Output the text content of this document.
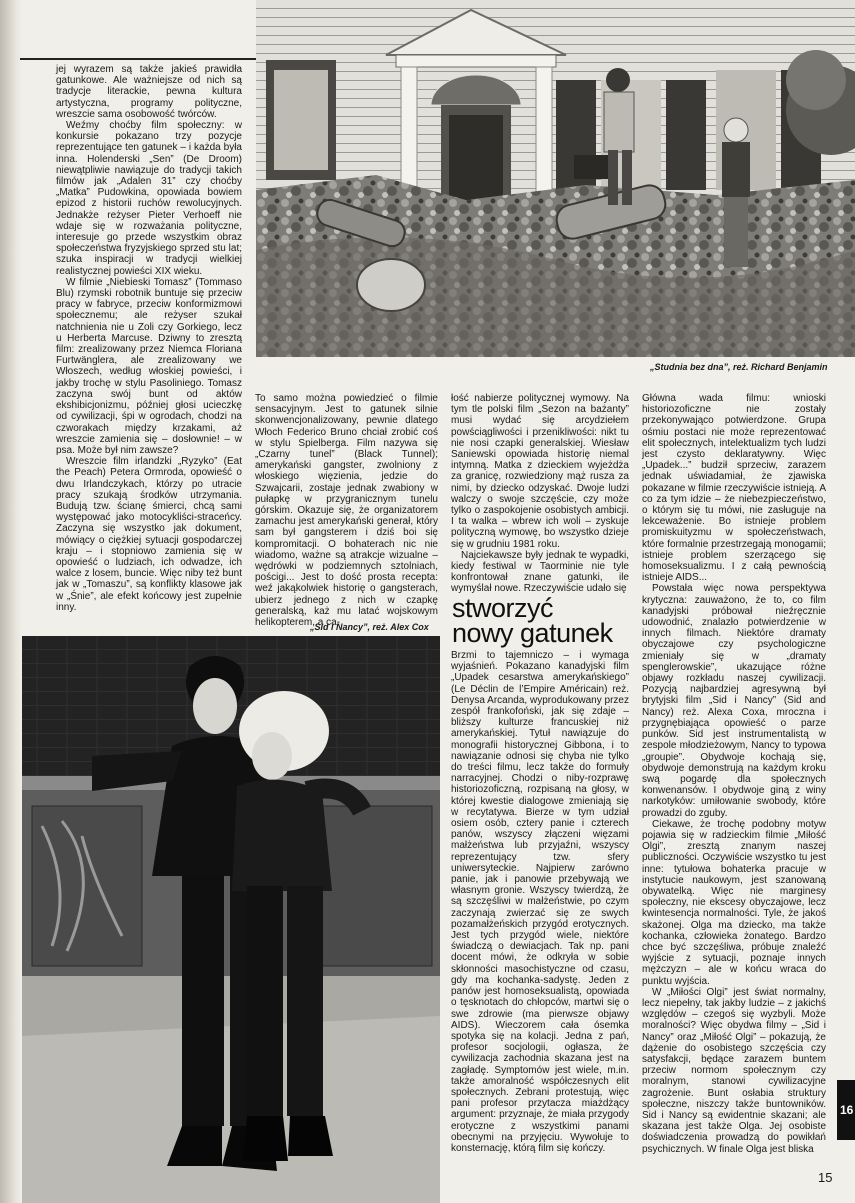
„Studnia bez dna”, reż. Richard Benjamin

jej wyrazem są także jakieś prawidła gatunkowe. Ale ważniejsze od nich są tradycje literackie, pewna kultura artystyczna, programy polityczne, wreszcie sama osobowość twórców.

Weźmy choćby film społeczny: w konkursie pokazano trzy pozycje reprezentujące ten gatunek – i każda była inna. Holenderski „Sen” (De Droom) niewątpliwie nawiązuje do tradycji takich filmów jak „Adalen 31” czy choćby „Matka” Pudowkina, opowiada bowiem epizod z historii ruchów rewolucyjnych. Jednakże reżyser Pieter Verhoeff nie wdaje się w rozważania polityczne, interesuje go przede wszystkim obraz społeczeństwa fryzyjskiego sprzed stu lat; szuka inspiracji w tradycji wielkiej realistycznej powieści XIX wieku.

W filmie „Niebieski Tomasz” (Tommaso Blu) rzymski robotnik buntuje się przeciw pracy w fabryce, przeciw konformizmowi społecznemu; ale reżyser szukał natchnienia nie u Zoli czy Gorkiego, lecz u Herberta Marcuse. Dziwny to zresztą film: zrealizowany przez Niemca Floriana Furtwänglera, ale zrealizowany we Włoszech, według włoskiej powieści, i jakby trochę w stylu Pasoliniego. Tomasz zaczyna swój bunt od aktów ekshibicjonizmu, później głosi ucieczkę od cywilizacji, śpi w ogrodach, chodzi na czworakach między krzakami, aż wreszcie zamienia się – dosłownie! – w psa. Może był nim zawsze?

Wreszcie film irlandzki „Ryzyko” (Eat the Peach) Petera Ormroda, opowieść o dwu Irlandczykach, którzy po utracie pracy szukają środków utrzymania. Budują tzw. ścianę śmierci, chcą sami występować jako motocykliści-straceńcy. Zaczyna się wszystko jak dokument, mówiący o ciężkiej sytuacji gospodarczej kraju – i stopniowo zamienia się w opowieść o ludziach, ich odwadze, ich walce z losem, buncie. Więc niby też bunt jak w „Tomaszu”, są konflikty klasowe jak w „Śnie”, ale efekt końcowy jest zupełnie inny.

To samo można powiedzieć o filmie sensacyjnym. Jest to gatunek silnie skonwencjonalizowany, pewnie dlatego Włoch Federico Bruno chciał zrobić coś w stylu Spielberga. Film nazywa się „Czarny tunel” (Black Tunnel); amerykański gangster, zwolniony z włoskiego więzienia, jedzie do Szwajcarii, zostaje jednak zwabiony w pułapkę w przygranicznym tunelu górskim. Okazuje się, że organizatorem zamachu jest amerykański generał, który sam był gangsterem i dziś boi się kompromitacji. O bohaterach nic nie wiadomo, ważne są atrakcje wizualne – wędrówki w podziemnych sztolniach, pościgi... Jest to dość prosta recepta: weź jakąkolwiek historię o gangsterach, ubierz jednego z nich w czapkę generalską, każ mu latać wojskowym helikopterem, a ca-

„Sid i Nancy”, reż. Alex Cox

łość nabierze politycznej wymowy. Na tym tle polski film „Sezon na bażanty” musi wydać się arcydziełem powściągliwości i przenikliwości: nikt tu nie nosi czapki generalskiej. Wiesław Saniewski opowiada historię niemal intymną. Matka z dzieckiem wyjeżdża za granicę, rozwiedziony mąż rusza za nimi, by dziecko odzyskać. Dwoje ludzi walczy o swoje szczęście, czy może tylko o zaspokojenie osobistych ambicji. I ta walka – wbrew ich woli – zyskuje polityczną wymowę, bo wszystko dzieje się w grudniu 1981 roku.

Najciekawsze były jednak te wypadki, kiedy festiwal w Taorminie nie tyle konfrontował znane gatunki, ile wymyślał nowe. Rzeczywiście udało się

stworzyć
nowy gatunek

Brzmi to tajemniczo – i wymaga wyjaśnień. Pokazano kanadyjski film „Upadek cesarstwa amerykańskiego” (Le Déclin de l’Empire Américain) reż. Denysa Arcanda, wyprodukowany przez zespół frankofoński, jak się zdaje – bliższy kulturze francuskiej niż amerykańskiej. Tytuł nawiązuje do monografii historycznej Gibbona, i to nawiązanie odnosi się chyba nie tylko do treści filmu, lecz także do formuły narracyjnej. Chodzi o niby-rozprawę historiozoficzną, rozpisaną na głosy, w której kwestie dialogowe zmieniają się w recytatywa. Bierze w tym udział osiem osób, cztery panie i czterech panów, wszyscy złączeni więzami małżeństwa lub przyjaźni, wszyscy reprezentujący tzw. sfery uniwersyteckie. Najpierw zarówno panie, jak i panowie przebywają we własnym gronie. Wszyscy twierdzą, że są szczęśliwi w małżeństwie, po czym zaczynają zwierzać się ze swych pozamałżeńskich przygód erotycznych. Jest tych przygód wiele, niektóre świadczą o dewiacjach. Tak np. pani docent mówi, że odkryła w sobie skłonności masochistyczne od czasu, gdy ma kochanka-sadystę. Jeden z panów jest homoseksualistą, opowiada o tęsknotach do chłopców, martwi się o swe zdrowie (ma pierwsze objawy AIDS). Wieczorem cała ósemka spotyka się na kolacji. Jedna z pań, profesor socjologii, ogłasza, że cywilizacja zachodnia skazana jest na zagładę. Symptomów jest wiele, m.in. także amoralność współczesnych elit społecznych. Zebrani protestują, więc pani profesor przytacza miażdżący argument: przyznaje, że miała przygody erotyczne z wszystkimi panami obecnymi na przyjęciu. Wywołuje to konsternację, którą film się kończy.

Główna wada filmu: wnioski historiozoficzne nie zostały przekonywająco potwierdzone. Grupa ośmiu postaci nie może reprezentować elit społecznych, intelektualizm tych ludzi jest czysto deklaratywny. Więc „Upadek...” budził sprzeciw, zarazem jednak uświadamiał, że zjawiska pokazane w filmie rzeczywiście istnieją. A co za tym idzie – że niebezpieczeństwo, o którym się tu mówi, nie zasługuje na lekceważenie. Bo istnieje problem promiskuityzmu w społeczeństwach, które formalnie przestrzegają monogamii; istnieje problem szerzącego się homoseksualizmu. I z całą pewnością istnieje AIDS...

Powstała więc nowa perspektywa krytyczna: zauważono, że to, co film kanadyjski próbował nieźręcznie udowodnić, znalazło potwierdzenie w innych filmach. Niektóre dramaty obyczajowe czy psychologiczne zmieniały się w „dramaty spenglerowskie”, ukazujące różne objawy rozkładu naszej cywilizacji. Pozycją najbardziej agresywną był brytyjski film „Sid i Nancy” (Sid and Nancy) reż. Alexa Coxa, mroczna i przygnębiająca opowieść o parze punków. Sid jest instrumentalistą w zespole młodzieżowym, Nancy to typowa „groupie”. Obydwoje kochają się, obydwoje demonstrują na każdym kroku swą pogardę dla społecznych konwenansów. I obydwoje giną z winy narkotyków: umiłowanie swobody, które prowadzi do zguby.

Ciekawe, że trochę podobny motyw pojawia się w radzieckim filmie „Miłość Olgi”, zresztą znanym naszej publiczności. Oczywiście wszystko tu jest inne: tytułowa bohaterka pracuje w instytucie naukowym, jest szanowaną obywatelką. Więc nie marginesy społeczny, nie ekscesy obyczajowe, lecz kwintesencja normalności. Tyle, że jakoś skażonej. Olga ma dziecko, ma także kochanka, człowieka żonatego. Bardzo chce być szczęśliwa, próbuje znaleźć wyjście z sytuacji, poznaje innych mężczyzn – ale w końcu wraca do punktu wyjścia.

W „Miłości Olgi” jest świat normalny, lecz niepełny, tak jakby ludzie – z jakichś względów – czegoś się wyzbyli. Może moralności? Więc obydwa filmy – „Sid i Nancy” oraz „Miłość Olgi” – pokazują, że dążenie do osobistego szczęścia czy satysfakcji, będące zarazem buntem przeciw normom społecznym czy moralnym, stanowi cywilizacyjne zagrożenie. Bunt osłabia struktury społeczne, niszczy także buntowników. Sid i Nancy są ewidentnie skazani; ale skazana jest także Olga. Jej osobiste doświadczenia prowadzą do powikłań psychicznych. W finale Olga jest bliska

16
15
